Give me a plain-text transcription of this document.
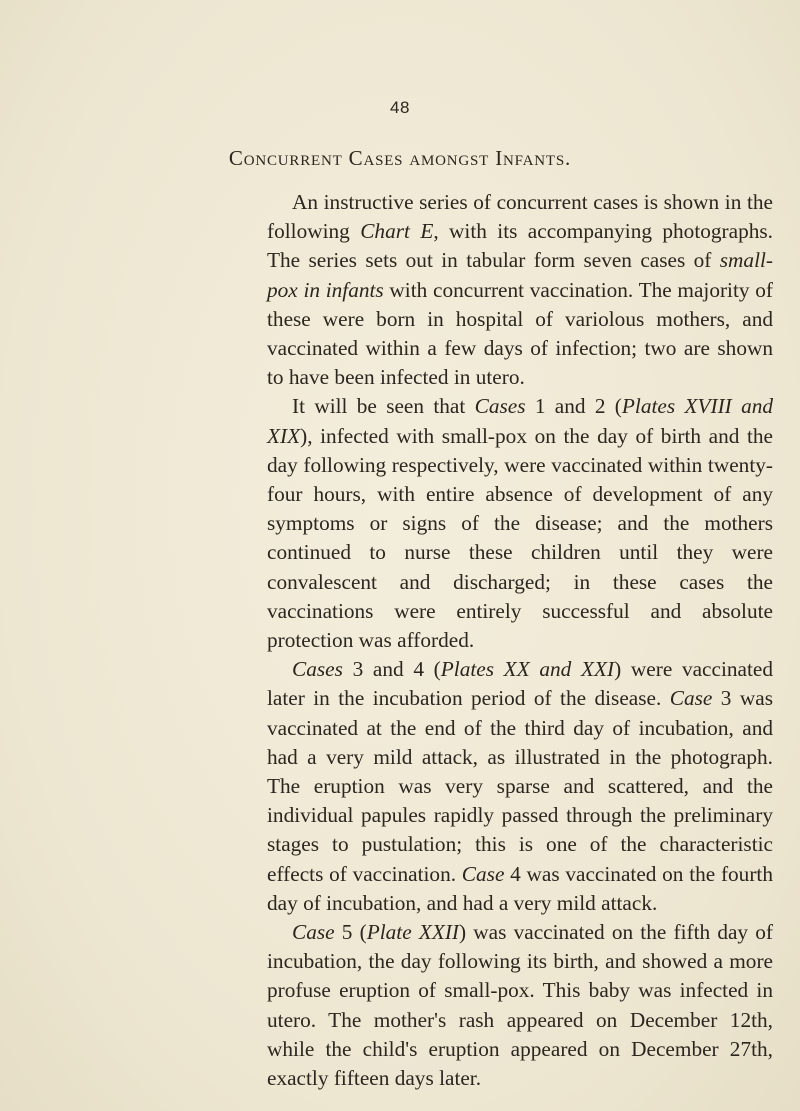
48
Concurrent Cases amongst Infants.

An instructive series of concurrent cases is shown in the following Chart E, with its accompanying photographs. The series sets out in tabular form seven cases of small-pox in infants with concurrent vaccination. The majority of these were born in hospital of variolous mothers, and vaccinated within a few days of infection; two are shown to have been infected in utero.

It will be seen that Cases 1 and 2 (Plates XVIII and XIX), infected with small-pox on the day of birth and the day following respectively, were vaccinated within twenty-four hours, with entire absence of development of any symptoms or signs of the disease; and the mothers continued to nurse these children until they were convalescent and discharged; in these cases the vaccinations were entirely successful and absolute protection was afforded.

Cases 3 and 4 (Plates XX and XXI) were vaccinated later in the incubation period of the disease. Case 3 was vaccinated at the end of the third day of incubation, and had a very mild attack, as illustrated in the photograph. The eruption was very sparse and scattered, and the individual papules rapidly passed through the preliminary stages to pustulation; this is one of the characteristic effects of vaccination. Case 4 was vaccinated on the fourth day of incubation, and had a very mild attack.

Case 5 (Plate XXII) was vaccinated on the fifth day of incubation, the day following its birth, and showed a more profuse eruption of small-pox. This baby was infected in utero. The mother's rash appeared on December 12th, while the child's eruption appeared on December 27th, exactly fifteen days later.
